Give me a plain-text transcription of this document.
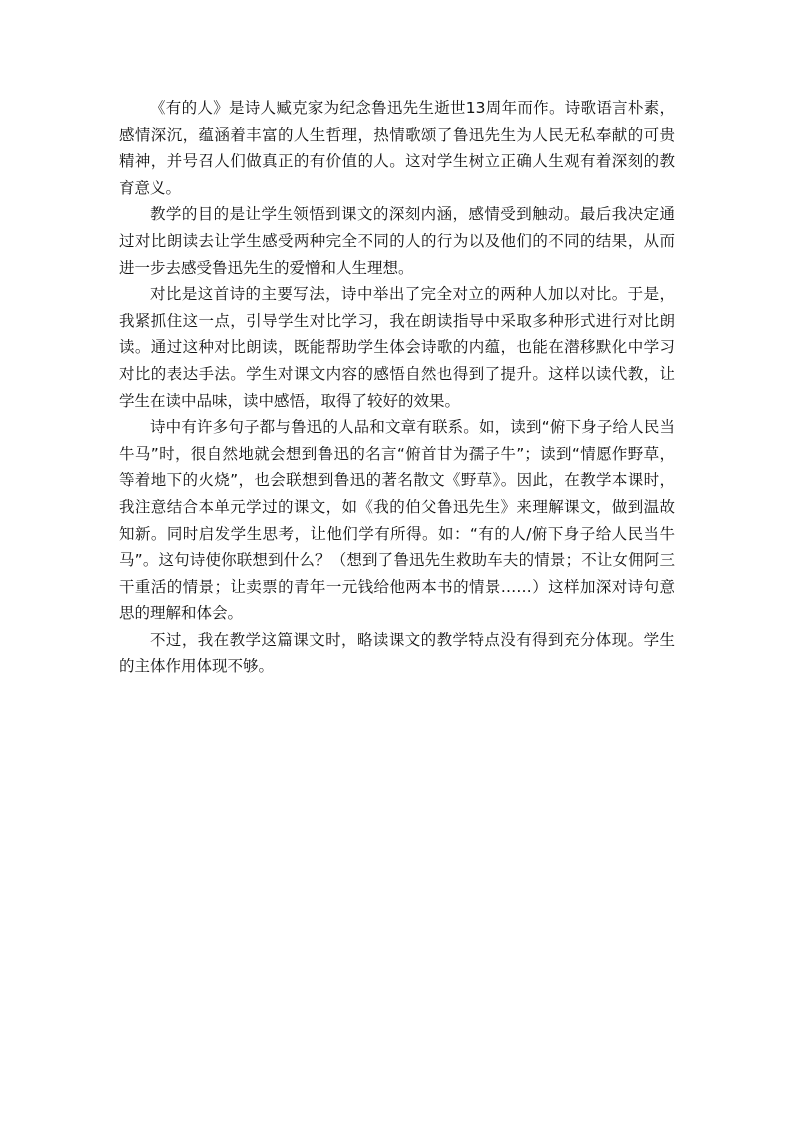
《有的人》是诗人臧克家为纪念鲁迅先生逝世13周年而作。诗歌语言朴素，感情深沉，蕴涵着丰富的人生哲理，热情歌颂了鲁迅先生为人民无私奉献的可贵精神，并号召人们做真正的有价值的人。这对学生树立正确人生观有着深刻的教育意义。

教学的目的是让学生领悟到课文的深刻内涵，感情受到触动。最后我决定通过对比朗读去让学生感受两种完全不同的人的行为以及他们的不同的结果，从而进一步去感受鲁迅先生的爱憎和人生理想。

对比是这首诗的主要写法，诗中举出了完全对立的两种人加以对比。于是，我紧抓住这一点，引导学生对比学习，我在朗读指导中采取多种形式进行对比朗读。通过这种对比朗读，既能帮助学生体会诗歌的内蕴，也能在潜移默化中学习对比的表达手法。学生对课文内容的感悟自然也得到了提升。这样以读代教，让学生在读中品味，读中感悟，取得了较好的效果。

诗中有许多句子都与鲁迅的人品和文章有联系。如，读到“俯下身子给人民当牛马”时，很自然地就会想到鲁迅的名言“俯首甘为孺子牛”；读到“情愿作野草，等着地下的火烧”，也会联想到鲁迅的著名散文《野草》。因此，在教学本课时，我注意结合本单元学过的课文，如《我的伯父鲁迅先生》来理解课文，做到温故知新。同时启发学生思考，让他们学有所得。如：“有的人/俯下身子给人民当牛马”。这句诗使你联想到什么？（想到了鲁迅先生救助车夫的情景；不让女佣阿三干重活的情景；让卖票的青年一元钱给他两本书的情景……）这样加深对诗句意思的理解和体会。

不过，我在教学这篇课文时，略读课文的教学特点没有得到充分体现。学生的主体作用体现不够。
